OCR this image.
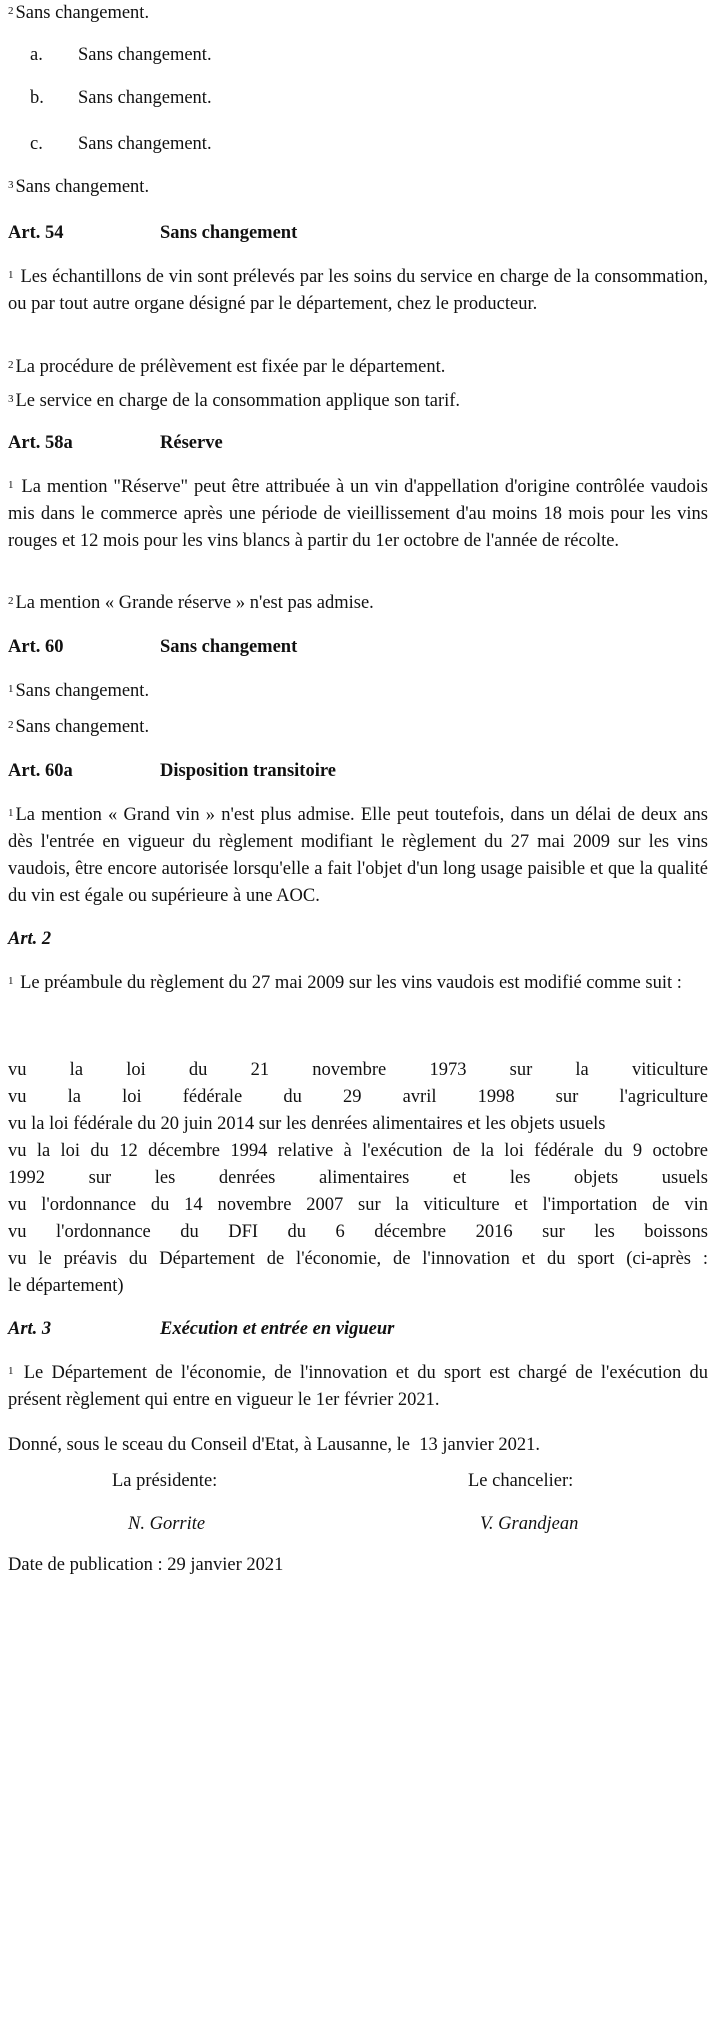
$^2$ Sans changement.
a. Sans changement.
b. Sans changement.
c. Sans changement.
$^3$ Sans changement.
Art. 54	Sans changement
$^1$ Les échantillons de vin sont prélevés par les soins du service en charge de la consommation, ou par tout autre organe désigné par le département, chez le producteur.
$^2$ La procédure de prélèvement est fixée par le département.
$^3$ Le service en charge de la consommation applique son tarif.
Art. 58a	Réserve
$^1$ La mention "Réserve" peut être attribuée à un vin d'appellation d'origine contrôlée vaudois mis dans le commerce après une période de vieillissement d'au moins 18 mois pour les vins rouges et 12 mois pour les vins blancs à partir du 1er octobre de l'année de récolte.
$^2$ La mention « Grande réserve » n'est pas admise.
Art. 60	Sans changement
$^1$ Sans changement.
$^2$ Sans changement.
Art. 60a	Disposition transitoire
$^1$ La mention « Grand vin » n'est plus admise. Elle peut toutefois, dans un délai de deux ans dès l'entrée en vigueur du règlement modifiant le règlement du 27 mai 2009 sur les vins vaudois, être encore autorisée lorsqu'elle a fait l'objet d'un long usage paisible et que la qualité du vin est égale ou supérieure à une AOC.
Art. 2
$^1$ Le préambule du règlement du 27 mai 2009 sur les vins vaudois est modifié comme suit :
vu la loi du 21 novembre 1973 sur la viticulture
vu la loi fédérale du 29 avril 1998 sur l'agriculture
vu la loi fédérale du 20 juin 2014 sur les denrées alimentaires et les objets usuels
vu la loi du 12 décembre 1994 relative à l'exécution de la loi fédérale du 9 octobre
1992 sur les denrées alimentaires et les objets usuels
vu l'ordonnance du 14 novembre 2007 sur la viticulture et l'importation de vin
vu l'ordonnance du DFI du 6 décembre 2016 sur les boissons
vu le préavis du Département de l'économie, de l'innovation et du sport (ci-après :
le département)
Art. 3	Exécution et entrée en vigueur
$^1$ Le Département de l'économie, de l'innovation et du sport est chargé de l'exécution du présent règlement qui entre en vigueur le 1er février 2021.
Donné, sous le sceau du Conseil d'Etat, à Lausanne, le  13 janvier 2021.
La présidente:	Le chancelier:
N. Gorrite	V. Grandjean
Date de publication : 29 janvier 2021
